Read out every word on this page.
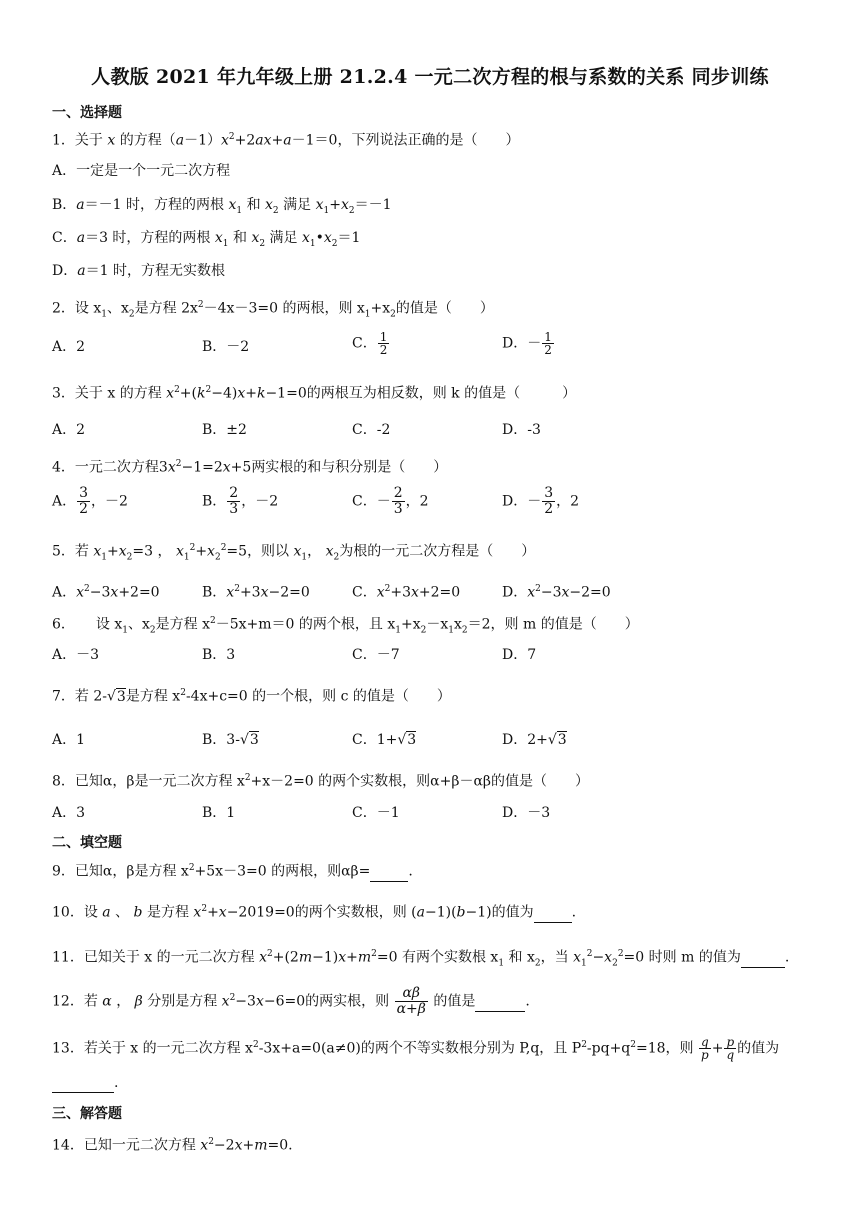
人教版 2021 年九年级上册 21.2.4 一元二次方程的根与系数的关系 同步训练
一、选择题
1．关于 x 的方程$(a-1)x^2+2ax+a-1=0$，下列说法正确的是（　　）
A．一定是一个一元二次方程
B．a＝－1 时，方程的两根 $x_1$ 和 $x_2$ 满足 $x_1+x_2=-1$
C．a＝3 时，方程的两根 $x_1$ 和 $x_2$ 满足 $x_1•x_2=1$
D．a＝1 时，方程无实数根
2．设 $x_1$、$x_2$是方程 $2x^2-4x-3=0$ 的两根，则 $x_1+x_2$的值是（　　）
A．2	B．－2	C． $\frac{1}{2}$	D．－ $\frac{1}{2}$
3．关于 x 的方程 $x^2+(k^2-4)x+k-1=0$的两根互为相反数，则 k 的值是（　　　）
A．2	B．±2	C．-2	D．-3
4．一元二次方程$3x^2-1=2x+5$两实根的和与积分别是（　　）
A． $\frac{3}{2}$ ，－2	B． $\frac{2}{3}$ ，－2	C．－ $\frac{2}{3}$ ，2	D．－ $\frac{3}{2}$ ，2
5．若 $x_1+x_2=3$ ， $x_1^2+x_2^2=5$，则以 $x_1$， $x_2$为根的一元二次方程是（　　）
A．$x^2-3x+2=0$	B．$x^2+3x-2=0$	C．$x^2+3x+2=0$	D．$x^2-3x-2=0$
6．　　设 $x_1$、$x_2$是方程 $x^2-5x+m=0$ 的两个根，且 $x_1+x_2-x_1x_2=2$，则 m 的值是（　　）
A．－3	B．3	C．－7	D．7
7．若 2-√3是方程 $x^2-4x+c=0$ 的一个根，则 c 的值是（　　）
A．1	B．3-√3	C．1+√3	D．2+√3
8．已知α，β是一元二次方程 $x^2+x-2=0$ 的两个实数根，则α+β－αβ的值是（　　）
A．3	B．1	C．－1	D．－3
二、填空题
9．已知α，β是方程 $x^2+5x-3=0$ 的两根，则αβ=	.
10．设 a 、 b 是方程 $x^2+x-2019=0$的两个实数根，则 (a−1)(b−1)的值为	.
11．已知关于 x 的一元二次方程 $x^2+(2m-1)x+m^2=0$ 有两个实数根 $x_1$ 和 $x_2$，当 $x_1^2-x_2^2=0$ 时则 m 的值为	.
12．若 α ， β 分别是方程 $x^2-3x-6=0$的两实根，则 $\frac{\alpha\beta}{\alpha+\beta}$ 的值是	.
13．若关于 x 的一元二次方程 $x^2-3x+a=0(a\ne 0)$的两个不等实数根分别为 P,q，且 $P^2-pq+q^2=18$，则 $\frac{q}{p} + \frac{p}{q}$ 的值为
.
三、解答题
14．已知一元二次方程 $x^2-2x+m=0$.
